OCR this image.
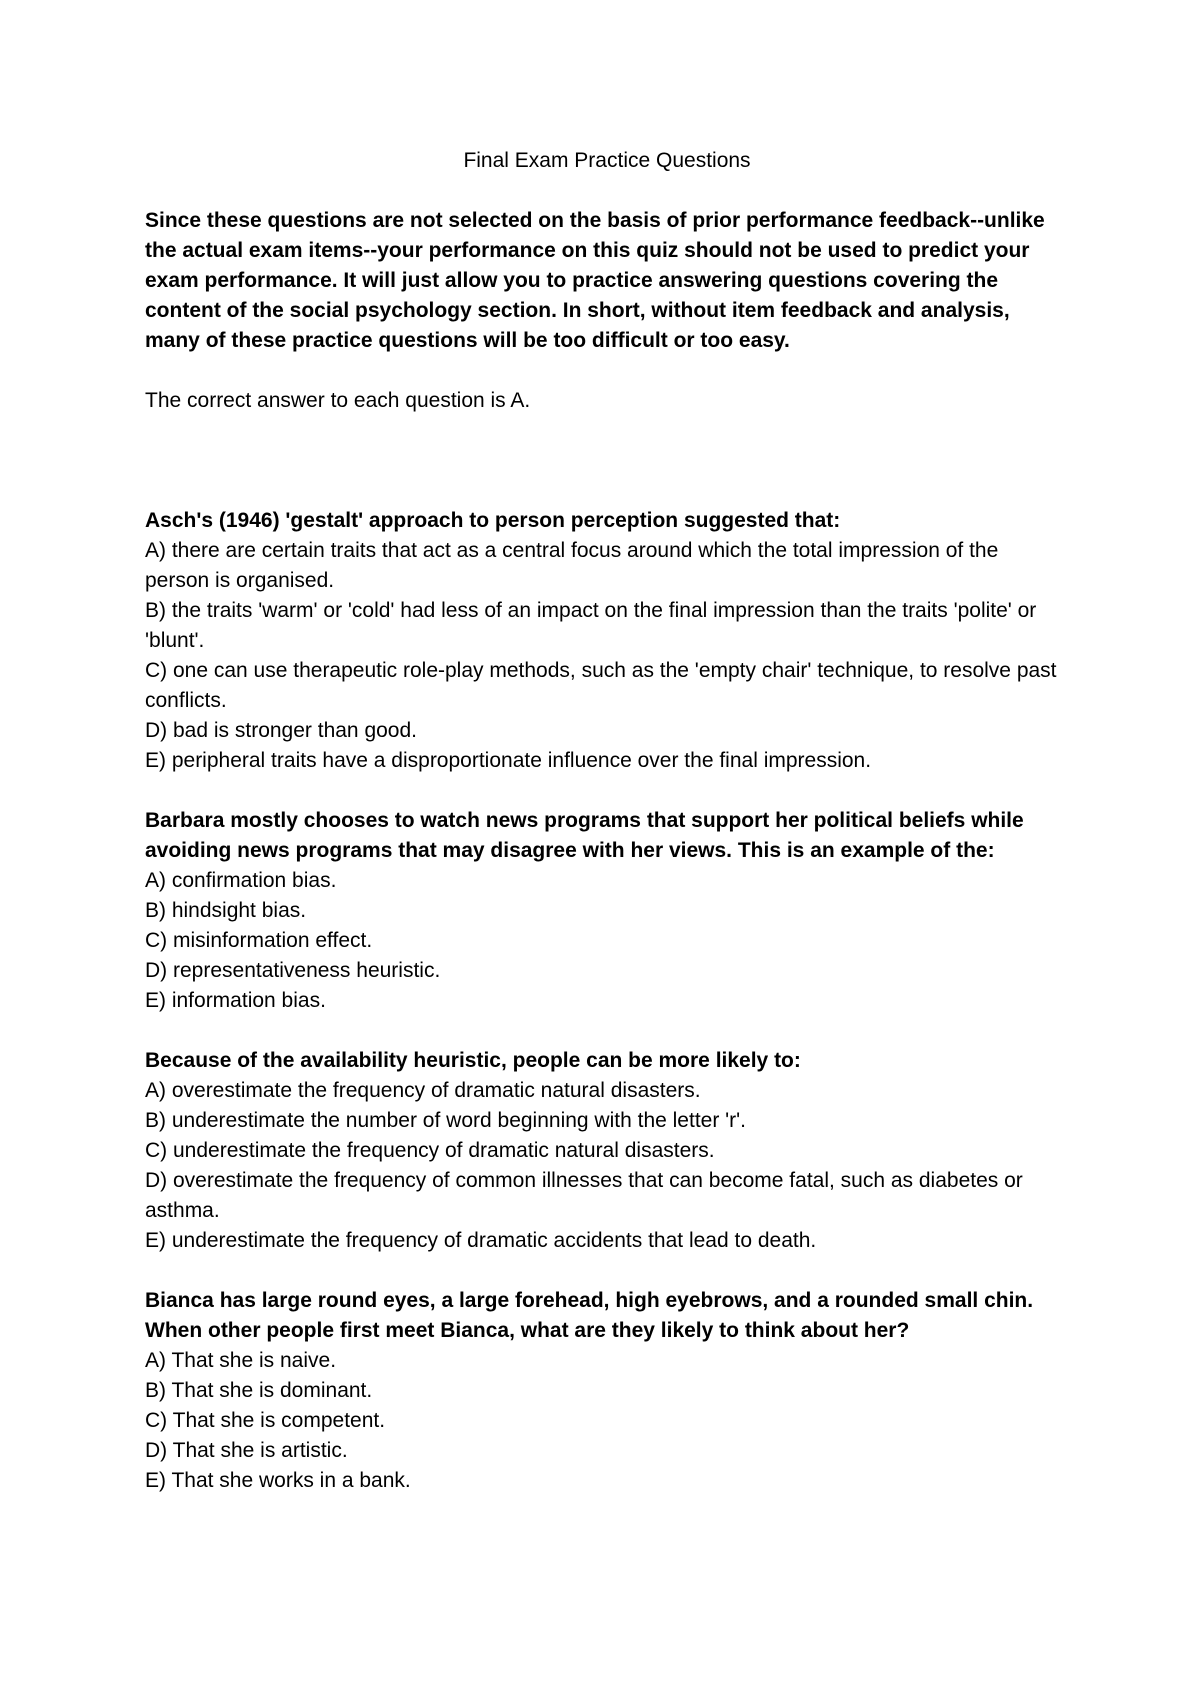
Final Exam Practice Questions
Since these questions are not selected on the basis of prior performance feedback--unlike the actual exam items--your performance on this quiz should not be used to predict your exam performance. It will just allow you to practice answering questions covering the content of the social psychology section. In short, without item feedback and analysis, many of these practice questions will be too difficult or too easy.
The correct answer to each question is A.
Asch's (1946) 'gestalt' approach to person perception suggested that:
A) there are certain traits that act as a central focus around which the total impression of the person is organised.
B) the traits 'warm' or 'cold' had less of an impact on the final impression than the traits 'polite' or 'blunt'.
C) one can use therapeutic role-play methods, such as the 'empty chair' technique, to resolve past conflicts.
D) bad is stronger than good.
E) peripheral traits have a disproportionate influence over the final impression.
Barbara mostly chooses to watch news programs that support her political beliefs while avoiding news programs that may disagree with her views. This is an example of the:
A) confirmation bias.
B) hindsight bias.
C) misinformation effect.
D) representativeness heuristic.
E) information bias.
Because of the availability heuristic, people can be more likely to:
A) overestimate the frequency of dramatic natural disasters.
B) underestimate the number of word beginning with the letter 'r'.
C) underestimate the frequency of dramatic natural disasters.
D) overestimate the frequency of common illnesses that can become fatal, such as diabetes or asthma.
E) underestimate the frequency of dramatic accidents that lead to death.
Bianca has large round eyes, a large forehead, high eyebrows, and a rounded small chin. When other people first meet Bianca, what are they likely to think about her?
A) That she is naive.
B) That she is dominant.
C) That she is competent.
D) That she is artistic.
E) That she works in a bank.
